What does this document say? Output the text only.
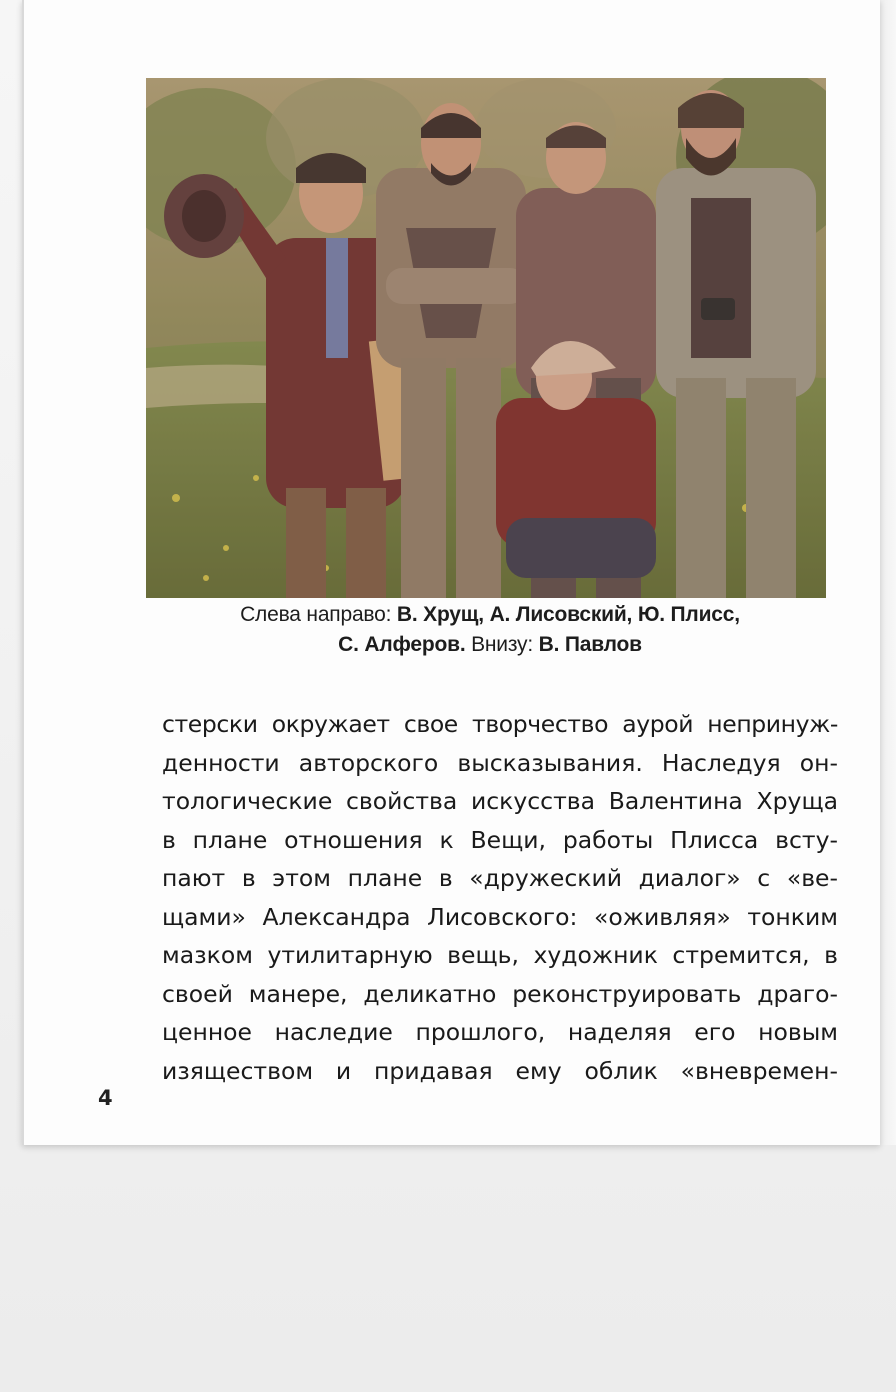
Слева направо: В. Хрущ, А. Лисовский, Ю. Плисс,
С. Алферов. Внизу: В. Павлов
стерски окружает свое творчество аурой непринуж-
денности авторского высказывания. Наследуя он-
тологические свойства искусства Валентина Хруща
в плане отношения к Вещи, работы Плисса всту-
пают в этом плане в «дружеский диалог» с «ве-
щами» Александра Лисовского: «оживляя» тонким
мазком утилитарную вещь, художник стремится, в
своей манере, деликатно реконструировать драго-
ценное наследие прошлого, наделяя его новым
изяществом и придавая ему облик «вневремен-
4
